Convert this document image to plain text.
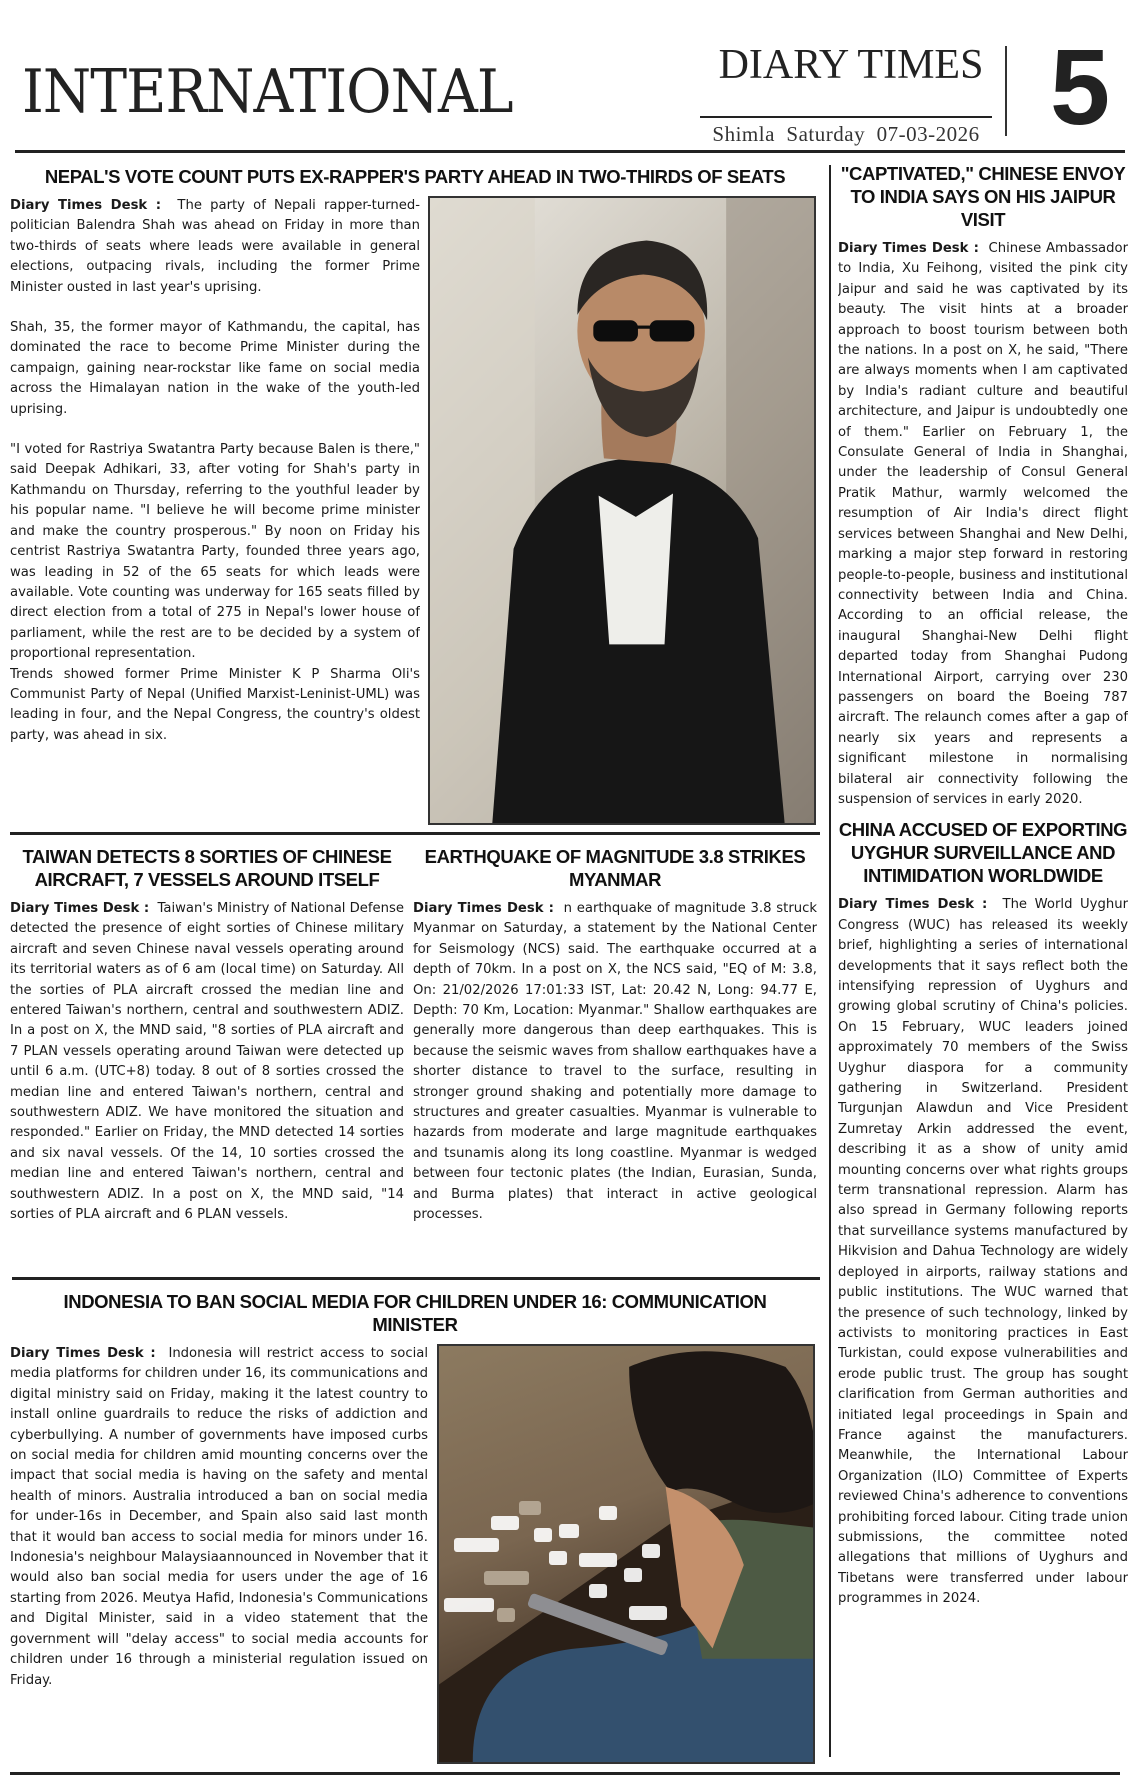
INTERNATIONAL	DIARY TIMES
Shimla Saturday 07-03-2026 5
NEPAL'S VOTE COUNT PUTS EX-RAPPER'S PARTY AHEAD IN TWO-THIRDS OF SEATS

Diary Times Desk : The party of Nepali rapper-turned-politician Balendra Shah was ahead on Friday in more than two-thirds of seats where leads were available in general elections, outpacing rivals, including the former Prime Minister ousted in last year's uprising.

Shah, 35, the former mayor of Kathmandu, the capital, has dominated the race to become Prime Minister during the campaign, gaining near-rockstar like fame on social media across the Himalayan nation in the wake of the youth-led uprising.

"I voted for Rastriya Swatantra Party because Balen is there," said Deepak Adhikari, 33, after voting for Shah's party in Kathmandu on Thursday, referring to the youthful leader by his popular name. "I believe he will become prime minister and make the country prosperous." By noon on Friday his centrist Rastriya Swatantra Party, founded three years ago, was leading in 52 of the 65 seats for which leads were available. Vote counting was underway for 165 seats filled by direct election from a total of 275 in Nepal's lower house of parliament, while the rest are to be decided by a system of proportional representation.

Trends showed former Prime Minister K P Sharma Oli's Communist Party of Nepal (Unified Marxist-Leninist-UML) was leading in four, and the Nepal Congress, the country's oldest party, was ahead in six.

TAIWAN DETECTS 8 SORTIES OF CHINESE AIRCRAFT, 7 VESSELS AROUND ITSELF

Diary Times Desk : Taiwan's Ministry of National Defense detected the presence of eight sorties of Chinese military aircraft and seven Chinese naval vessels operating around its territorial waters as of 6 am (local time) on Saturday. All the sorties of PLA aircraft crossed the median line and entered Taiwan's northern, central and southwestern ADIZ. In a post on X, the MND said, "8 sorties of PLA aircraft and 7 PLAN vessels operating around Taiwan were detected up until 6 a.m. (UTC+8) today. 8 out of 8 sorties crossed the median line and entered Taiwan's northern, central and southwestern ADIZ. We have monitored the situation and responded." Earlier on Friday, the MND detected 14 sorties and six naval vessels. Of the 14, 10 sorties crossed the median line and entered Taiwan's northern, central and southwestern ADIZ. In a post on X, the MND said, "14 sorties of PLA aircraft and 6 PLAN vessels.

EARTHQUAKE OF MAGNITUDE 3.8 STRIKES MYANMAR

Diary Times Desk : n earthquake of magnitude 3.8 struck Myanmar on Saturday, a statement by the National Center for Seismology (NCS) said. The earthquake occurred at a depth of 70km. In a post on X, the NCS said, "EQ of M: 3.8, On: 21/02/2026 17:01:33 IST, Lat: 20.42 N, Long: 94.77 E, Depth: 70 Km, Location: Myanmar." Shallow earthquakes are generally more dangerous than deep earthquakes. This is because the seismic waves from shallow earthquakes have a shorter distance to travel to the surface, resulting in stronger ground shaking and potentially more damage to structures and greater casualties. Myanmar is vulnerable to hazards from moderate and large magnitude earthquakes and tsunamis along its long coastline. Myanmar is wedged between four tectonic plates (the Indian, Eurasian, Sunda, and Burma plates) that interact in active geological processes.

INDONESIA TO BAN SOCIAL MEDIA FOR CHILDREN UNDER 16: COMMUNICATION MINISTER

Diary Times Desk : Indonesia will restrict access to social media platforms for children under 16, its communications and digital ministry said on Friday, making it the latest country to install online guardrails to reduce the risks of addiction and cyberbullying. A number of governments have imposed curbs on social media for children amid mounting concerns over the impact that social media is having on the safety and mental health of minors. Australia introduced a ban on social media for under-16s in December, and Spain also said last month that it would ban access to social media for minors under 16. Indonesia's neighbour Malaysiaannounced in November that it would also ban social media for users under the age of 16 starting from 2026. Meutya Hafid, Indonesia's Communications and Digital Minister, said in a video statement that the government will "delay access" to social media accounts for children under 16 through a ministerial regulation issued on Friday.

"CAPTIVATED," CHINESE ENVOY TO INDIA SAYS ON HIS JAIPUR VISIT

Diary Times Desk : Chinese Ambassador to India, Xu Feihong, visited the pink city Jaipur and said he was captivated by its beauty. The visit hints at a broader approach to boost tourism between both the nations. In a post on X, he said, "There are always moments when I am captivated by India's radiant culture and beautiful architecture, and Jaipur is undoubtedly one of them." Earlier on February 1, the Consulate General of India in Shanghai, under the leadership of Consul General Pratik Mathur, warmly welcomed the resumption of Air India's direct flight services between Shanghai and New Delhi, marking a major step forward in restoring people-to-people, business and institutional connectivity between India and China. According to an official release, the inaugural Shanghai-New Delhi flight departed today from Shanghai Pudong International Airport, carrying over 230 passengers on board the Boeing 787 aircraft. The relaunch comes after a gap of nearly six years and represents a significant milestone in normalising bilateral air connectivity following the suspension of services in early 2020.

CHINA ACCUSED OF EXPORTING UYGHUR SURVEILLANCE AND INTIMIDATION WORLDWIDE

Diary Times Desk : The World Uyghur Congress (WUC) has released its weekly brief, highlighting a series of international developments that it says reflect both the intensifying repression of Uyghurs and growing global scrutiny of China's policies. On 15 February, WUC leaders joined approximately 70 members of the Swiss Uyghur diaspora for a community gathering in Switzerland. President Turgunjan Alawdun and Vice President Zumretay Arkin addressed the event, describing it as a show of unity amid mounting concerns over what rights groups term transnational repression. Alarm has also spread in Germany following reports that surveillance systems manufactured by Hikvision and Dahua Technology are widely deployed in airports, railway stations and public institutions. The WUC warned that the presence of such technology, linked by activists to monitoring practices in East Turkistan, could expose vulnerabilities and erode public trust. The group has sought clarification from German authorities and initiated legal proceedings in Spain and France against the manufacturers. Meanwhile, the International Labour Organization (ILO) Committee of Experts reviewed China's adherence to conventions prohibiting forced labour. Citing trade union submissions, the committee noted allegations that millions of Uyghurs and Tibetans were transferred under labour programmes in 2024.
